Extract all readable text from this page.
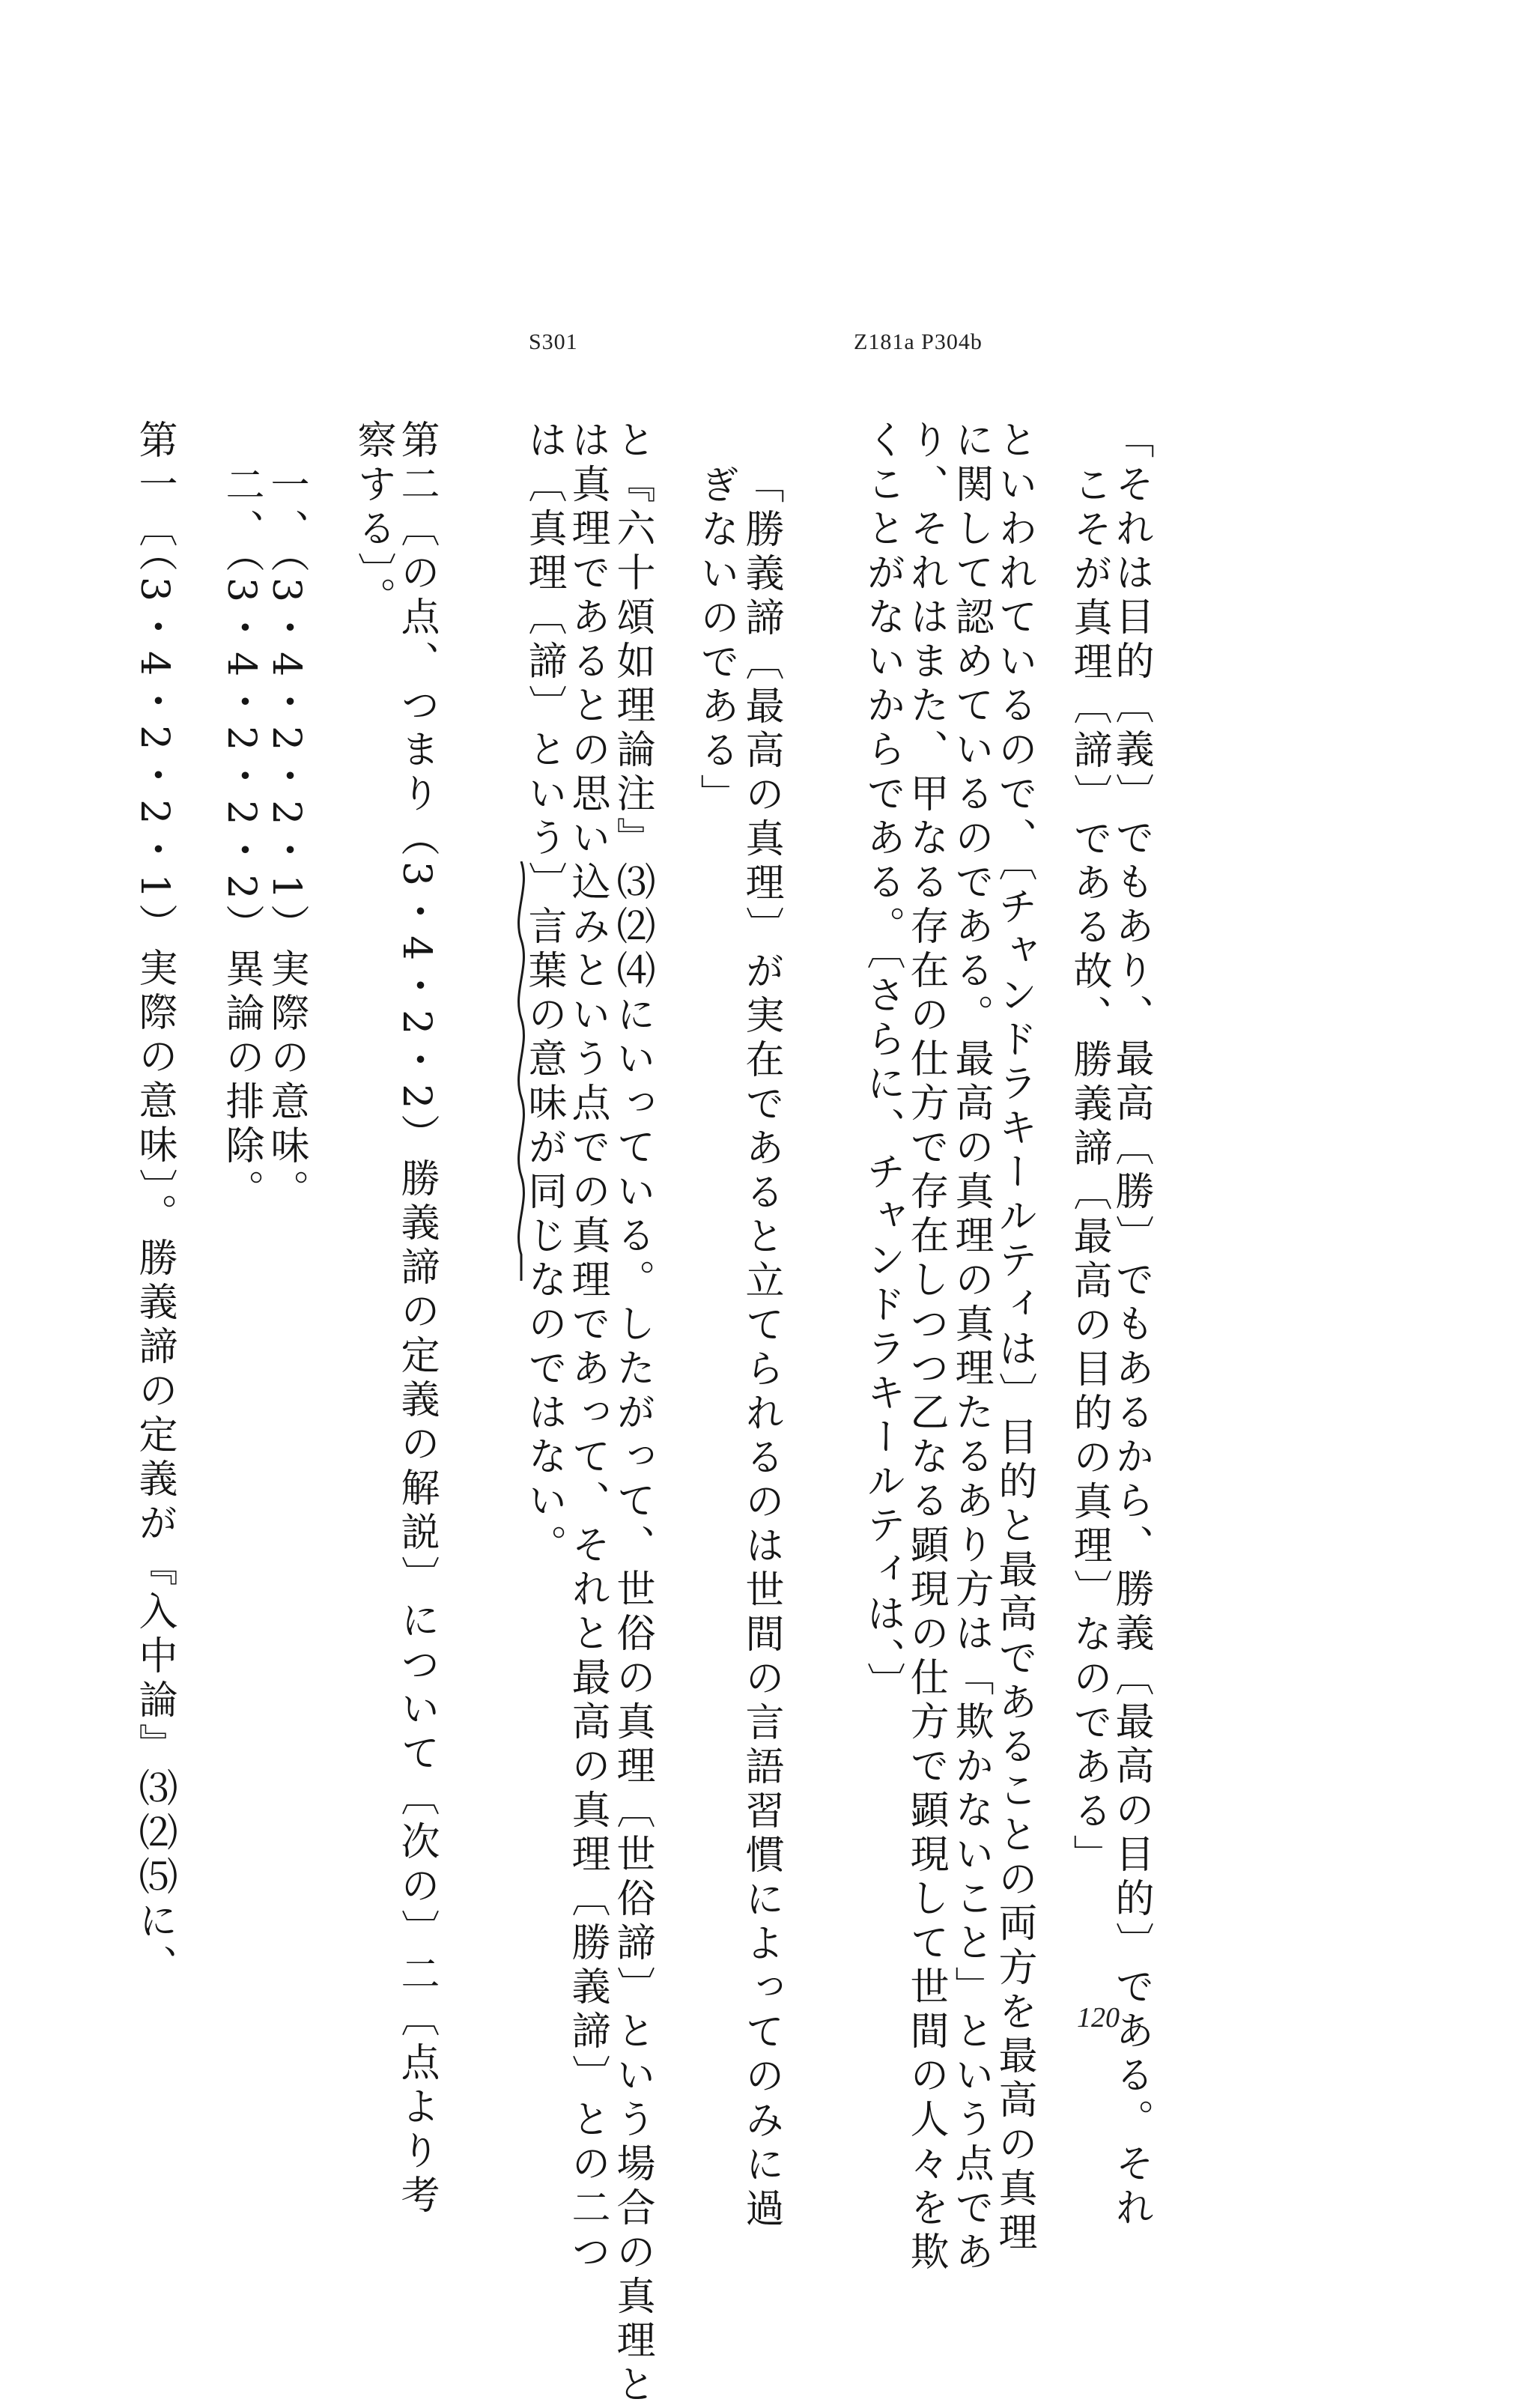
Z181a P304b
S301
「それは目的〔義〕でもあり、最高〔勝〕でもあるから、勝義〔最高の目的〕である。それ
こそが真理〔諦〕である故、勝義諦〔最高の目的の真理〕なのである」
といわれているので、〔チャンドラキールティは〕目的と最高であることの両方を最高の真理
に関して認めているのである。最高の真理の真理たるあり方は「欺かないこと」という点であ
り、それはまた、甲なる存在の仕方で存在しつつ乙なる顕現の仕方で顕現して世間の人々を欺
くことがないからである。〔さらに、チャンドラキールティは、〕
「勝義諦〔最高の真理〕が実在であると立てられるのは世間の言語習慣によってのみに過
ぎないのである」
と『六十頌如理論注』⑶⑵⑷にいっている。したがって、世俗の真理〔世俗諦〕という場合の真理と
は真理であるとの思い込みという点での真理であって、それと最高の真理〔勝義諦〕との二つ
は〔真理〔諦〕という〕言葉の意味が同じなのではない。
第二〔の点、つまり（3・4・2・2）勝義諦の定義の解説〕について〔次の〕二〔点より考
察する〕。
一、（3・4・2・2・1）実際の意味。
二、（3・4・2・2・2）異論の排除。
第一〔（3・4・2・2・1）実際の意味〕。勝義諦の定義が『入中論』⑶⑵⑸に、
120
